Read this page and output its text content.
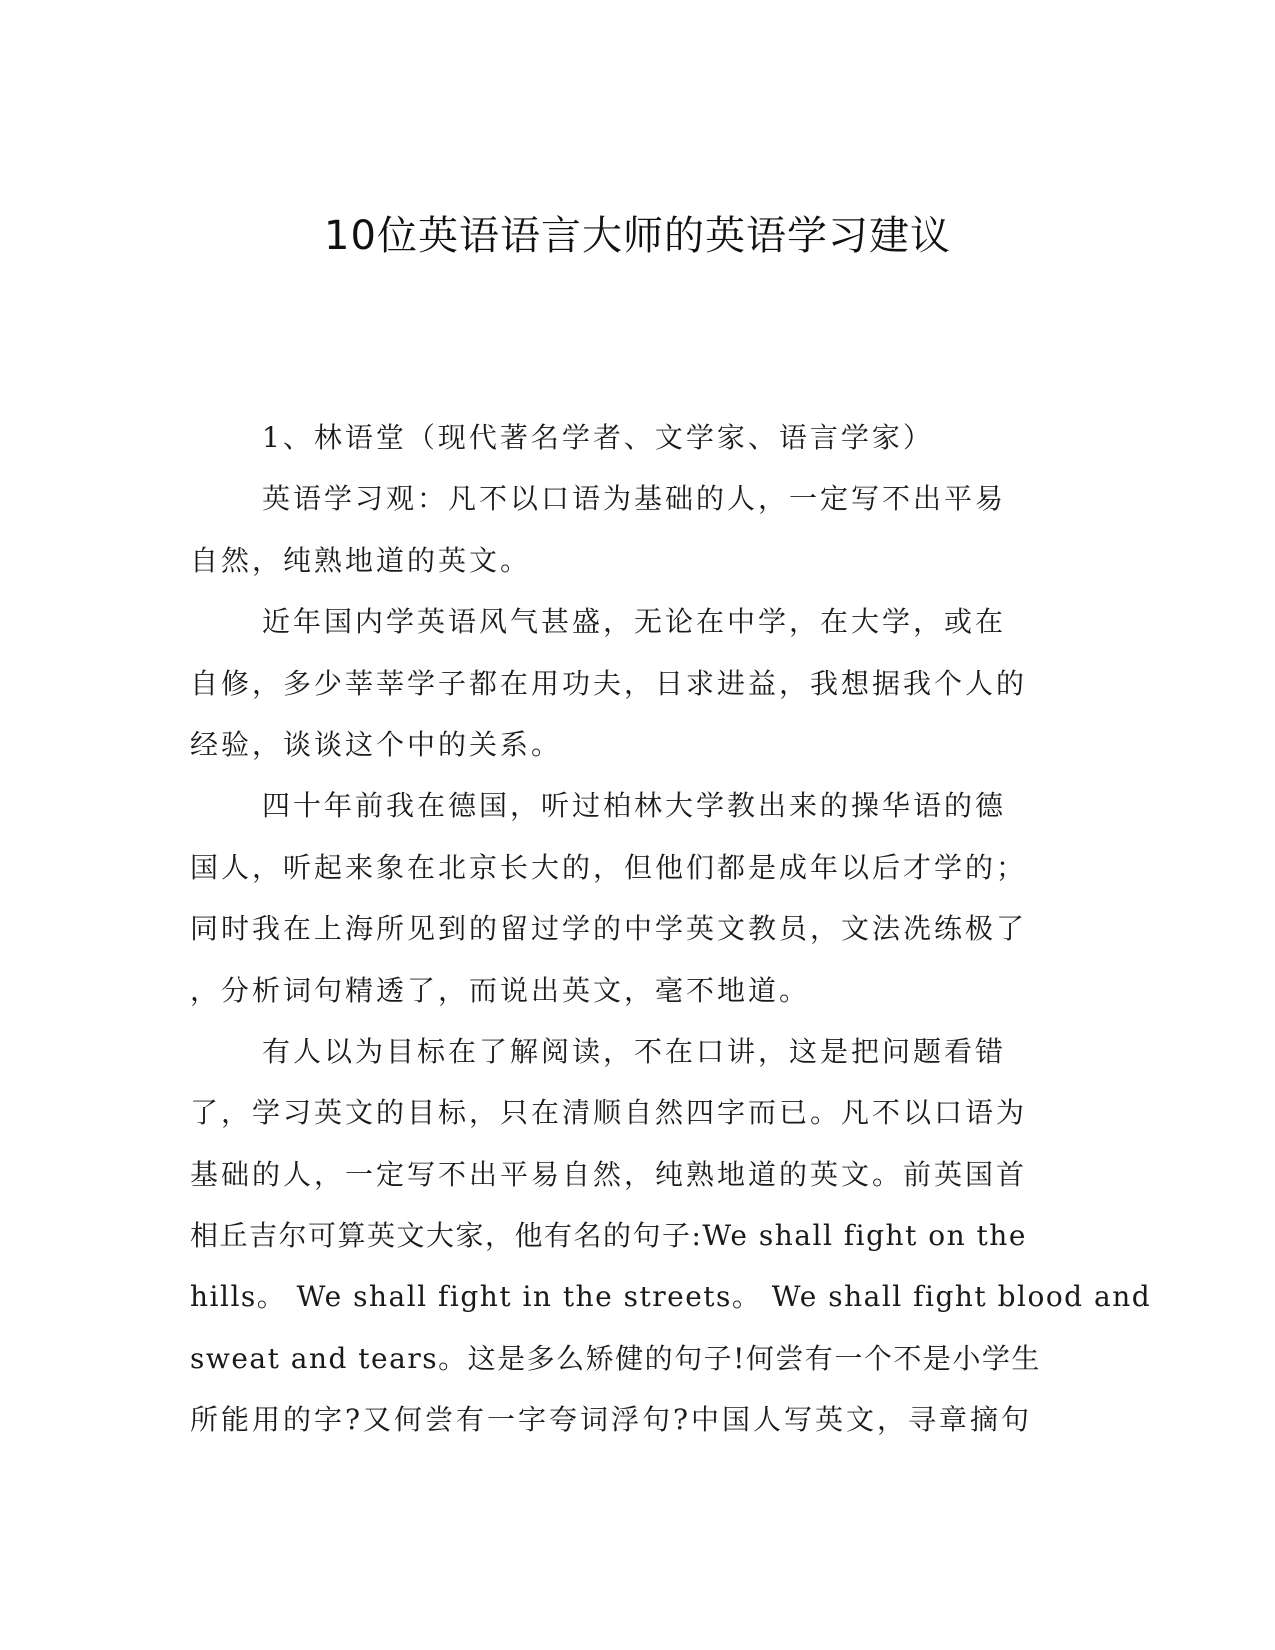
10位英语语言大师的英语学习建议
1、林语堂（现代著名学者、文学家、语言学家）
英语学习观：凡不以口语为基础的人，一定写不出平易
自然，纯熟地道的英文。
近年国内学英语风气甚盛，无论在中学，在大学，或在
自修，多少莘莘学子都在用功夫，日求进益，我想据我个人的
经验，谈谈这个中的关系。
四十年前我在德国，听过柏林大学教出来的操华语的德
国人，听起来象在北京长大的，但他们都是成年以后才学的；
同时我在上海所见到的留过学的中学英文教员，文法冼练极了
，分析词句精透了，而说出英文，毫不地道。
有人以为目标在了解阅读，不在口讲，这是把问题看错
了，学习英文的目标，只在清顺自然四字而已。凡不以口语为
基础的人，一定写不出平易自然，纯熟地道的英文。前英国首
相丘吉尔可算英文大家，他有名的句子:We shall fight on the
hills。 We shall fight in the streets。 We shall fight blood and
sweat and tears。这是多么矫健的句子!何尝有一个不是小学生
所能用的字?又何尝有一字夸词浮句?中国人写英文，寻章摘句
